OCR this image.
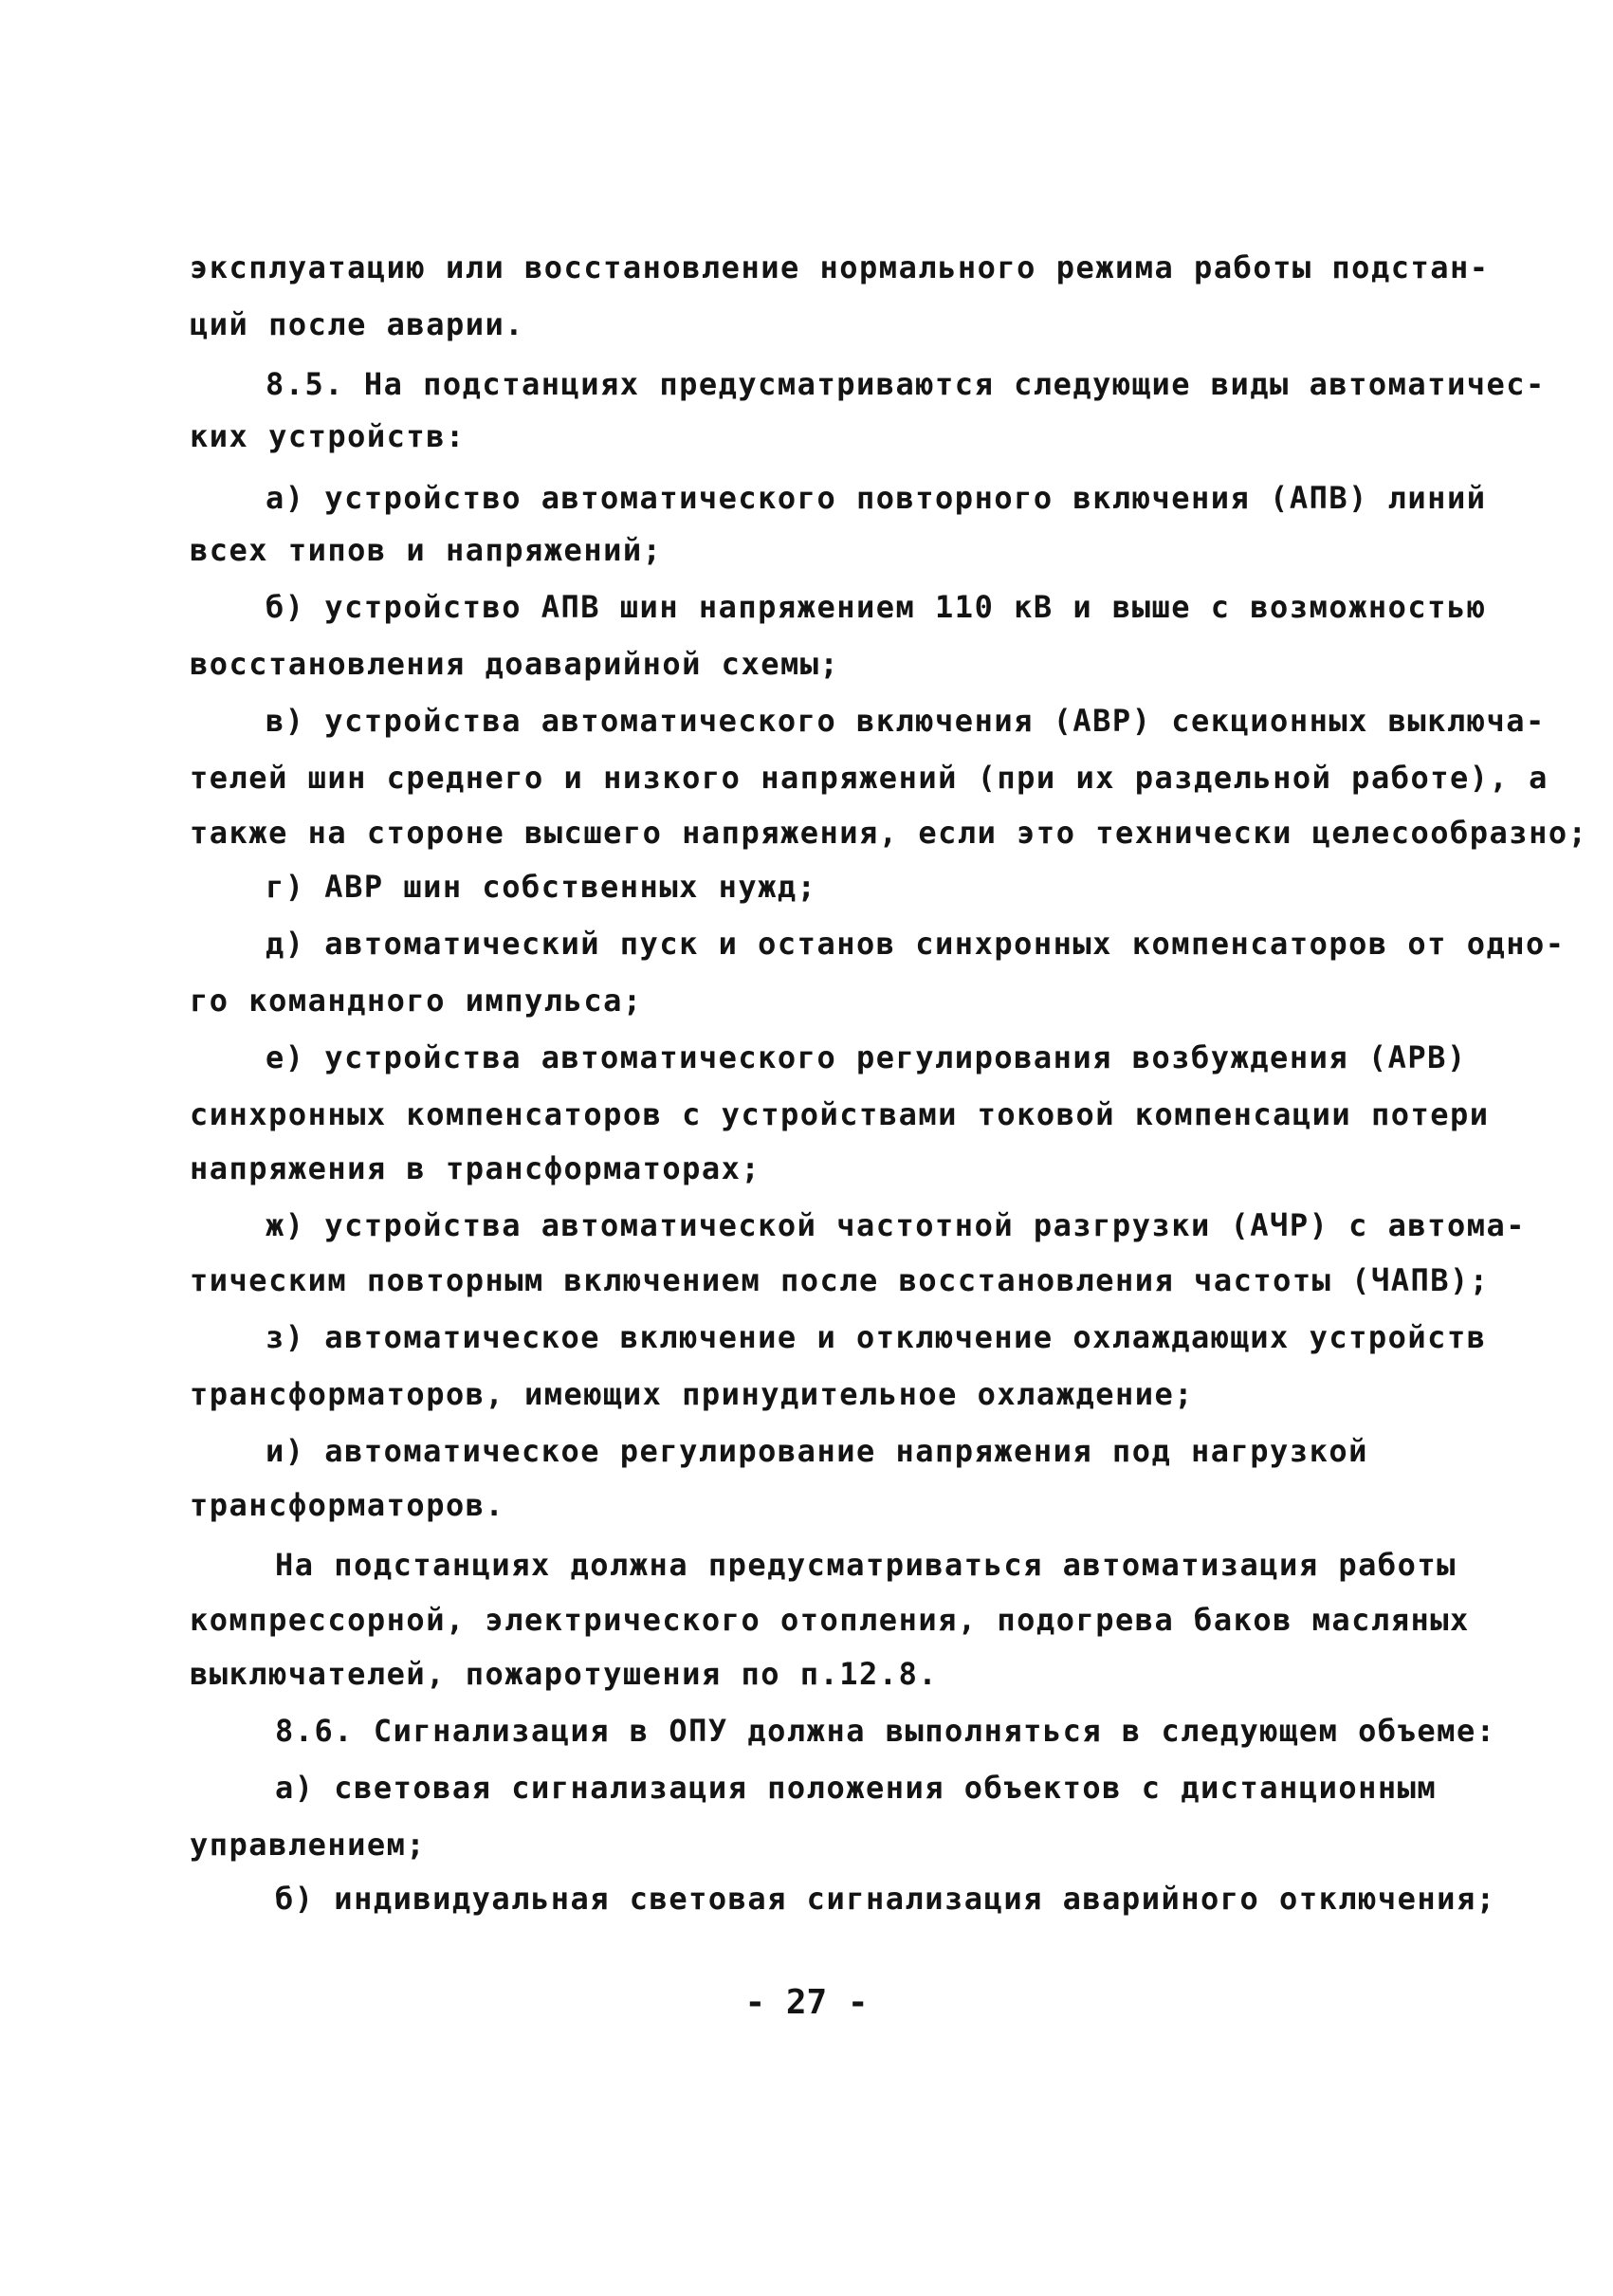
эксплуатацию или восстановление нормального режима работы подстан-
ций после аварии.
8.5. На подстанциях предусматриваются следующие виды автоматичес-
ких устройств:
а) устройство автоматического повторного включения (АПВ) линий
всех типов и напряжений;
б) устройство АПВ шин напряжением 110 кВ и выше с возможностью
восстановления доаварийной схемы;
в) устройства автоматического включения (АВР) секционных выключа-
телей шин среднего и низкого напряжений (при их раздельной работе), а
также на стороне высшего напряжения, если это технически целесообразно;
г) АВР шин собственных нужд;
д) автоматический пуск и останов синхронных компенсаторов от одно-
го командного импульса;
е) устройства автоматического регулирования возбуждения (АРВ)
синхронных компенсаторов с устройствами токовой компенсации потери
напряжения в трансформаторах;
ж) устройства автоматической частотной разгрузки (АЧР) с автома-
тическим повторным включением после восстановления частоты (ЧАПВ);
з) автоматическое включение и отключение охлаждающих устройств
трансформаторов, имеющих принудительное охлаждение;
и) автоматическое регулирование напряжения под нагрузкой
трансформаторов.
На подстанциях должна предусматриваться автоматизация работы
компрессорной, электрического отопления, подогрева баков масляных
выключателей, пожаротушения по п.12.8.
8.6. Сигнализация в ОПУ должна выполняться в следующем объеме:
а) световая сигнализация положения объектов с дистанционным
управлением;
б) индивидуальная световая сигнализация аварийного отключения;
- 27 -
